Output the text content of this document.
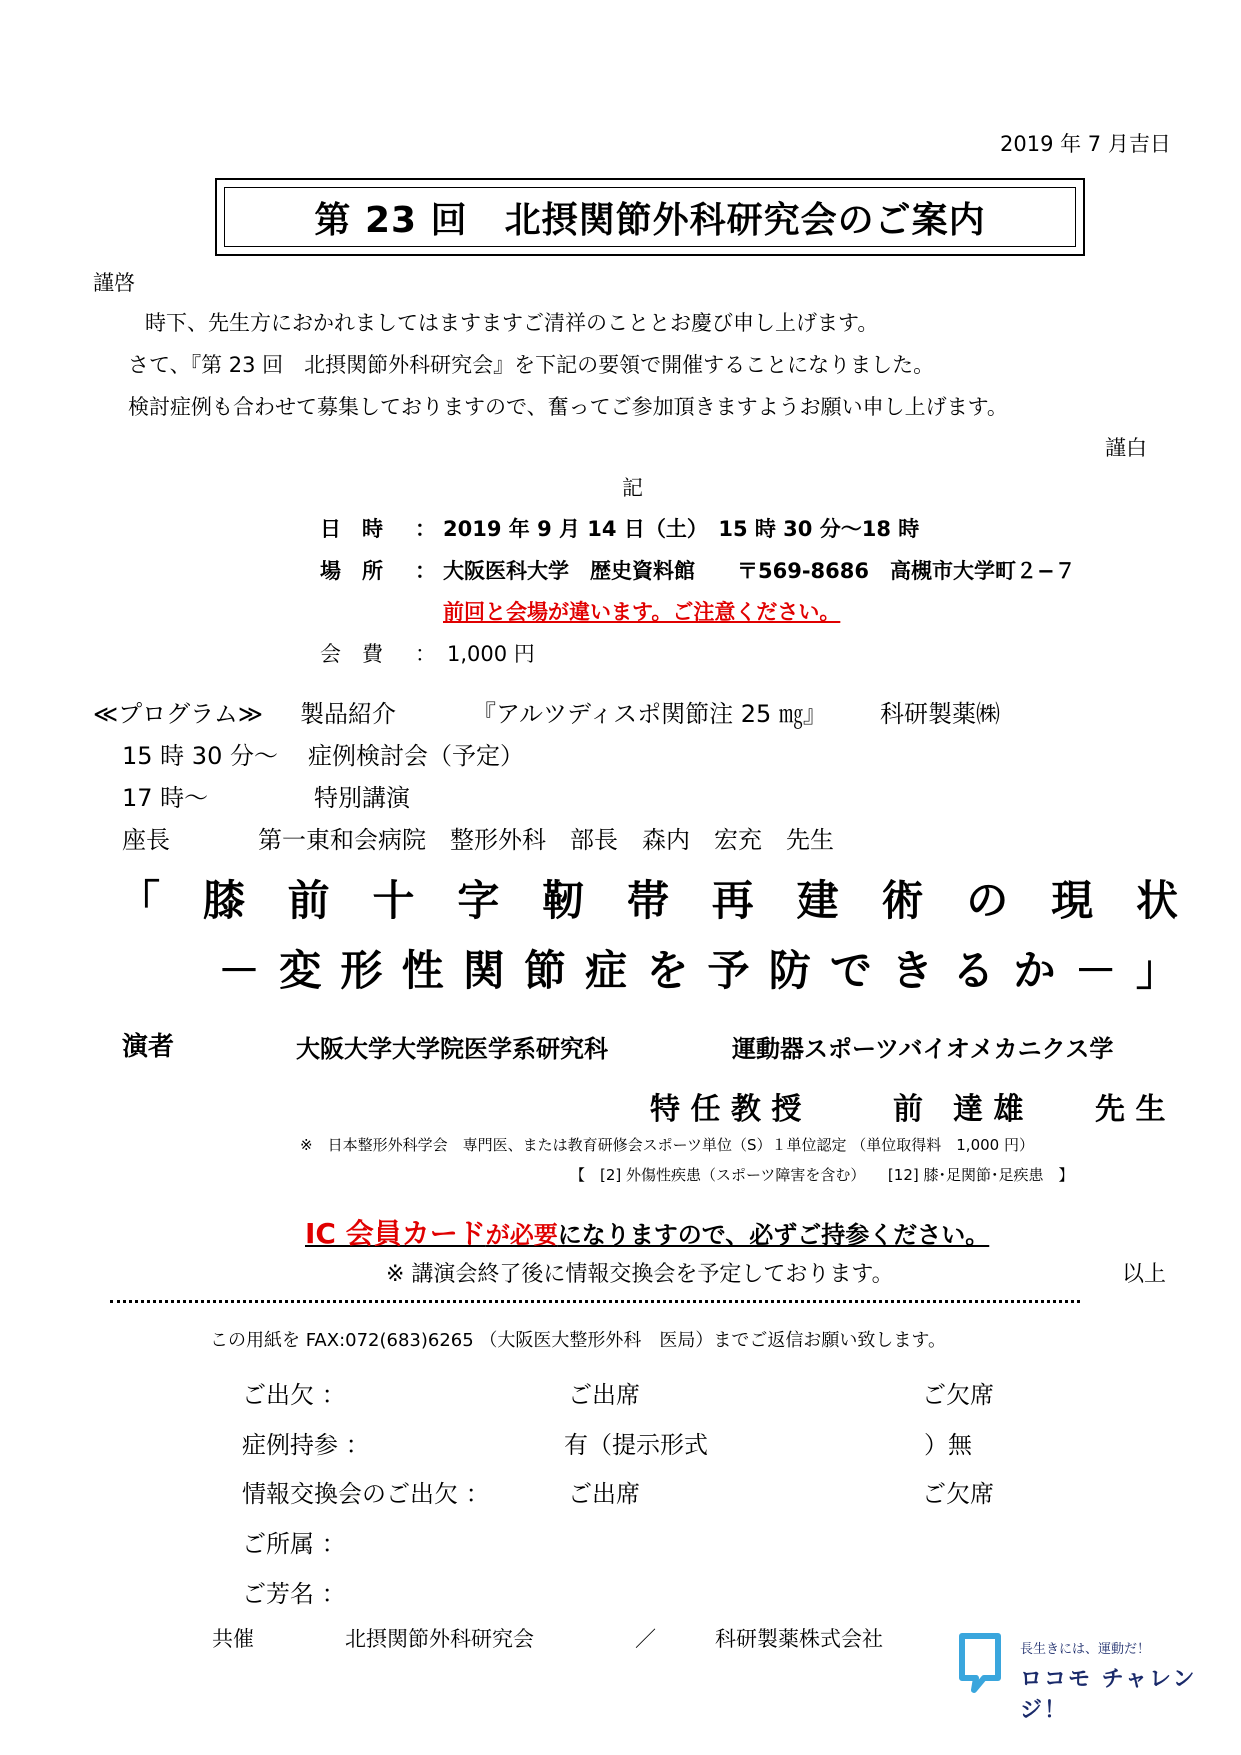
2019 年 7 月吉日
第 23 回　北摂関節外科研究会のご案内
謹啓
時下、先生方におかれましてはますますご清祥のこととお慶び申し上げます。
さて、『第 23 回　北摂関節外科研究会』を下記の要領で開催することになりました。
検討症例も合わせて募集しておりますので、奮ってご参加頂きますようお願い申し上げます。
謹白
記
日　時 ： 2019 年 9 月 14 日（土）　15 時 30 分～18 時
場　所 ： 大阪医科大学　歴史資料館　　〒569-8686　高槻市大学町２−７
前回と会場が違います。ご注意ください。
会　費 ： 1,000 円
≪プログラム≫ 製品紹介	『アルツディスポ関節注 25 ㎎』 科研製薬㈱
15 時 30 分～ 症例検討会（予定）
17 時～	特別講演
座長	第一東和会病院　整形外科　部長　森内　宏充　先生
「 膝 前 十 字 靭 帯 再 建 術 の 現 状
－ 変 形 性 関 節 症 を 予 防 で き る か － 」
演者	大阪大学大学院医学系研究科	運動器スポーツバイオメカニクス学
特 任 教 授	前　達 雄 先 生
※　日本整形外科学会　専門医、または教育研修会スポーツ単位（S）１単位認定 （単位取得料　1,000 円）
【　[2] 外傷性疾患（スポーツ障害を含む）　　[12] 膝･足関節･足疾患　】
IC 会員カードが必要になりますので、必ずご持参ください。
※ 講演会終了後に情報交換会を予定しております。	以上
この用紙を FAX:072(683)6265 （大阪医大整形外科　医局）までご返信お願い致します。
ご出欠 ：	ご出席	ご欠席
症例持参 ：	有（提示形式　　　　　　　　　） 無
情報交換会のご出欠 ：	ご出席	ご欠席
ご所属 ：
ご芳名 ：
共催	北摂関節外科研究会	／	科研製薬株式会社	長生きには、運動だ！
ロコモ チャレンジ！
